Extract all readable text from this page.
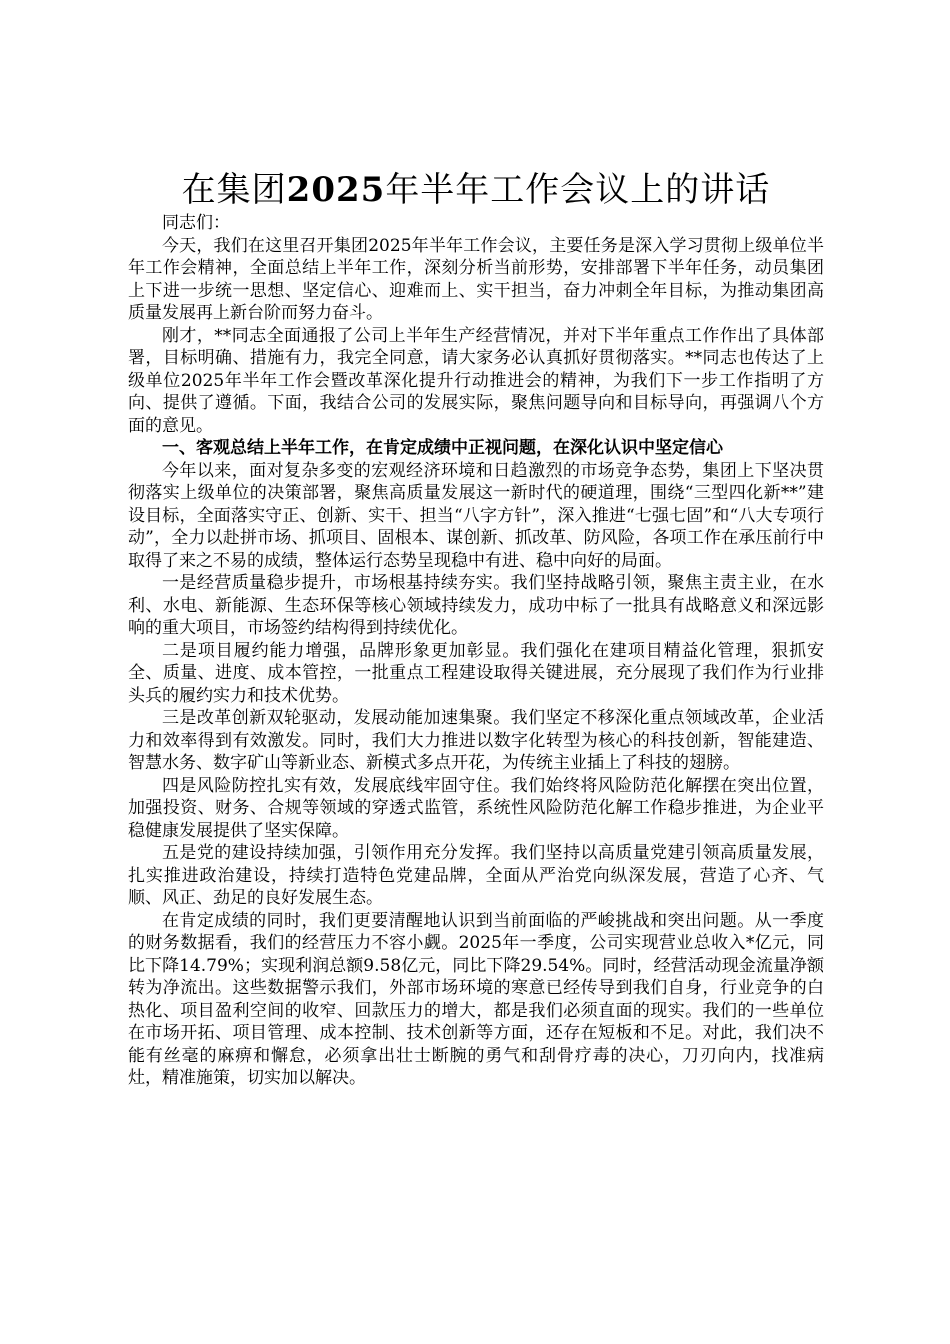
在集团2025年半年工作会议上的讲话

同志们：

今天，我们在这里召开集团2025年半年工作会议，主要任务是深入学习贯彻上级单位半年工作会精神，全面总结上半年工作，深刻分析当前形势，安排部署下半年任务，动员集团上下进一步统一思想、坚定信心、迎难而上、实干担当，奋力冲刺全年目标，为推动集团高质量发展再上新台阶而努力奋斗。

刚才，**同志全面通报了公司上半年生产经营情况，并对下半年重点工作作出了具体部署，目标明确、措施有力，我完全同意，请大家务必认真抓好贯彻落实。**同志也传达了上级单位2025年半年工作会暨改革深化提升行动推进会的精神，为我们下一步工作指明了方向、提供了遵循。下面，我结合公司的发展实际，聚焦问题导向和目标导向，再强调八个方面的意见。

一、客观总结上半年工作，在肯定成绩中正视问题，在深化认识中坚定信心

今年以来，面对复杂多变的宏观经济环境和日趋激烈的市场竞争态势，集团上下坚决贯彻落实上级单位的决策部署，聚焦高质量发展这一新时代的硬道理，围绕“三型四化新**”建设目标，全面落实守正、创新、实干、担当“八字方针”，深入推进“七强七固”和“八大专项行动”，全力以赴拼市场、抓项目、固根本、谋创新、抓改革、防风险，各项工作在承压前行中取得了来之不易的成绩，整体运行态势呈现稳中有进、稳中向好的局面。

一是经营质量稳步提升，市场根基持续夯实。我们坚持战略引领，聚焦主责主业，在水利、水电、新能源、生态环保等核心领域持续发力，成功中标了一批具有战略意义和深远影响的重大项目，市场签约结构得到持续优化。

二是项目履约能力增强，品牌形象更加彰显。我们强化在建项目精益化管理，狠抓安全、质量、进度、成本管控，一批重点工程建设取得关键进展，充分展现了我们作为行业排头兵的履约实力和技术优势。

三是改革创新双轮驱动，发展动能加速集聚。我们坚定不移深化重点领域改革，企业活力和效率得到有效激发。同时，我们大力推进以数字化转型为核心的科技创新，智能建造、智慧水务、数字矿山等新业态、新模式多点开花，为传统主业插上了科技的翅膀。

四是风险防控扎实有效，发展底线牢固守住。我们始终将风险防范化解摆在突出位置，加强投资、财务、合规等领域的穿透式监管，系统性风险防范化解工作稳步推进，为企业平稳健康发展提供了坚实保障。

五是党的建设持续加强，引领作用充分发挥。我们坚持以高质量党建引领高质量发展，扎实推进政治建设，持续打造特色党建品牌，全面从严治党向纵深发展，营造了心齐、气顺、风正、劲足的良好发展生态。

在肯定成绩的同时，我们更要清醒地认识到当前面临的严峻挑战和突出问题。从一季度的财务数据看，我们的经营压力不容小觑。2025年一季度，公司实现营业总收入*亿元，同比下降14.79%；实现利润总额9.58亿元，同比下降29.54%。同时，经营活动现金流量净额转为净流出。这些数据警示我们，外部市场环境的寒意已经传导到我们自身，行业竞争的白热化、项目盈利空间的收窄、回款压力的增大，都是我们必须直面的现实。我们的一些单位在市场开拓、项目管理、成本控制、技术创新等方面，还存在短板和不足。对此，我们决不能有丝毫的麻痹和懈怠，必须拿出壮士断腕的勇气和刮骨疗毒的决心，刀刃向内，找准病灶，精准施策，切实加以解决。
